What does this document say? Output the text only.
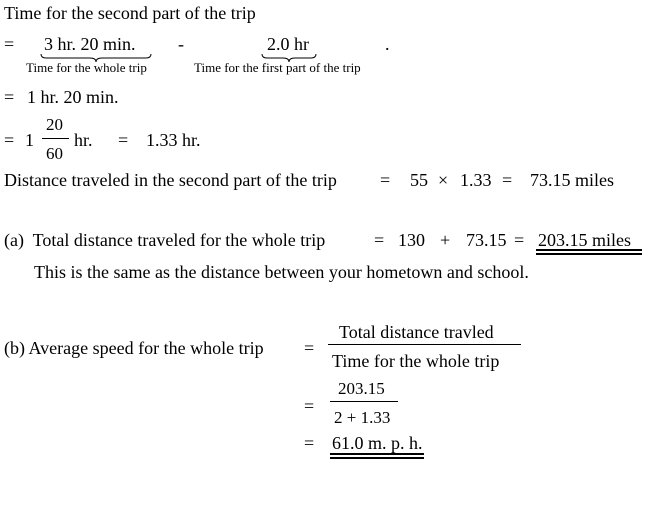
Time for the second part of the trip
= 3 hr. 20 min. -	2.0 hr	.
Time for the whole trip	Time for the first part of the trip
= 1 hr. 20 min.
= 1
20
60
hr. = 1.33 hr.
Distance traveled in the second part of the trip = 55 × 1.33 = 73.15 miles
(a)  Total distance traveled for the whole trip	= 130 + 73.15 = 203.15 miles
This is the same as the distance between your hometown and school.
(b) Average speed for the whole trip =
Total distance travled
Time for the whole trip
=
203.15
2 + 1.33
= 61.0 m. p. h.
